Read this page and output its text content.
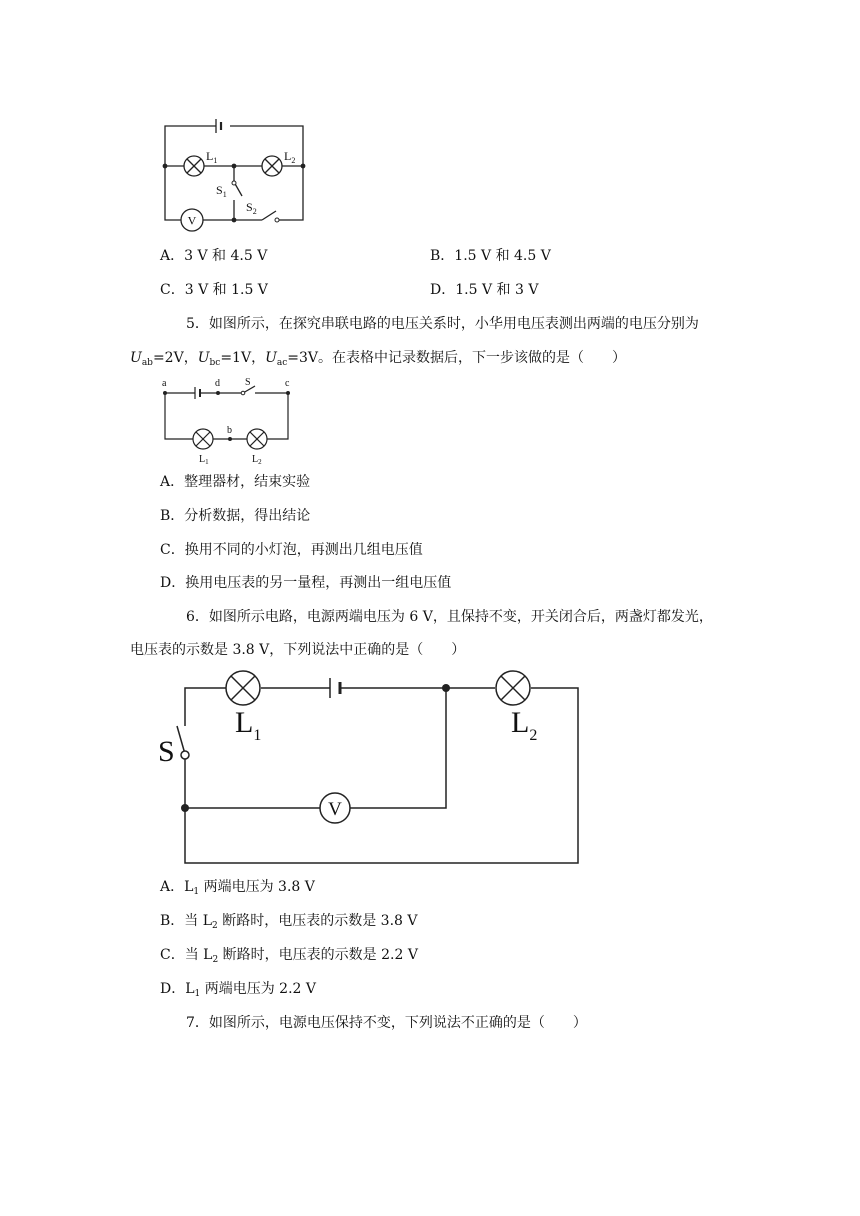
V
$L_1$	$L_2$
$S_1$
$S_2$
A．3 V 和 4.5 V	B．1.5 V 和 4.5 V
C．3 V 和 1.5 V	D．1.5 V 和 3 V
5．如图所示，在探究串联电路的电压关系时，小华用电压表测出两端的电压分别为
$U_{ab}=2V$，$U_{bc}=1V$，$U_{ac}=3V$。在表格中记录数据后，下一步该做的是（　　）
a	d	S	c
b
$L_1$	$L_2$
A．整理器材，结束实验
B．分析数据，得出结论
C．换用不同的小灯泡，再测出几组电压值
D．换用电压表的另一量程，再测出一组电压值
6．如图所示电路，电源两端电压为 6 V，且保持不变，开关闭合后，两盏灯都发光，
电压表的示数是 3.8 V，下列说法中正确的是（　　）
V
$L_1$	$L_2$
S
A．$L_1$ 两端电压为 3.8 V
B．当 $L_2$ 断路时，电压表的示数是 3.8 V
C．当 $L_2$ 断路时，电压表的示数是 2.2 V
D．$L_1$ 两端电压为 2.2 V
7．如图所示，电源电压保持不变，下列说法不正确的是（　　）
